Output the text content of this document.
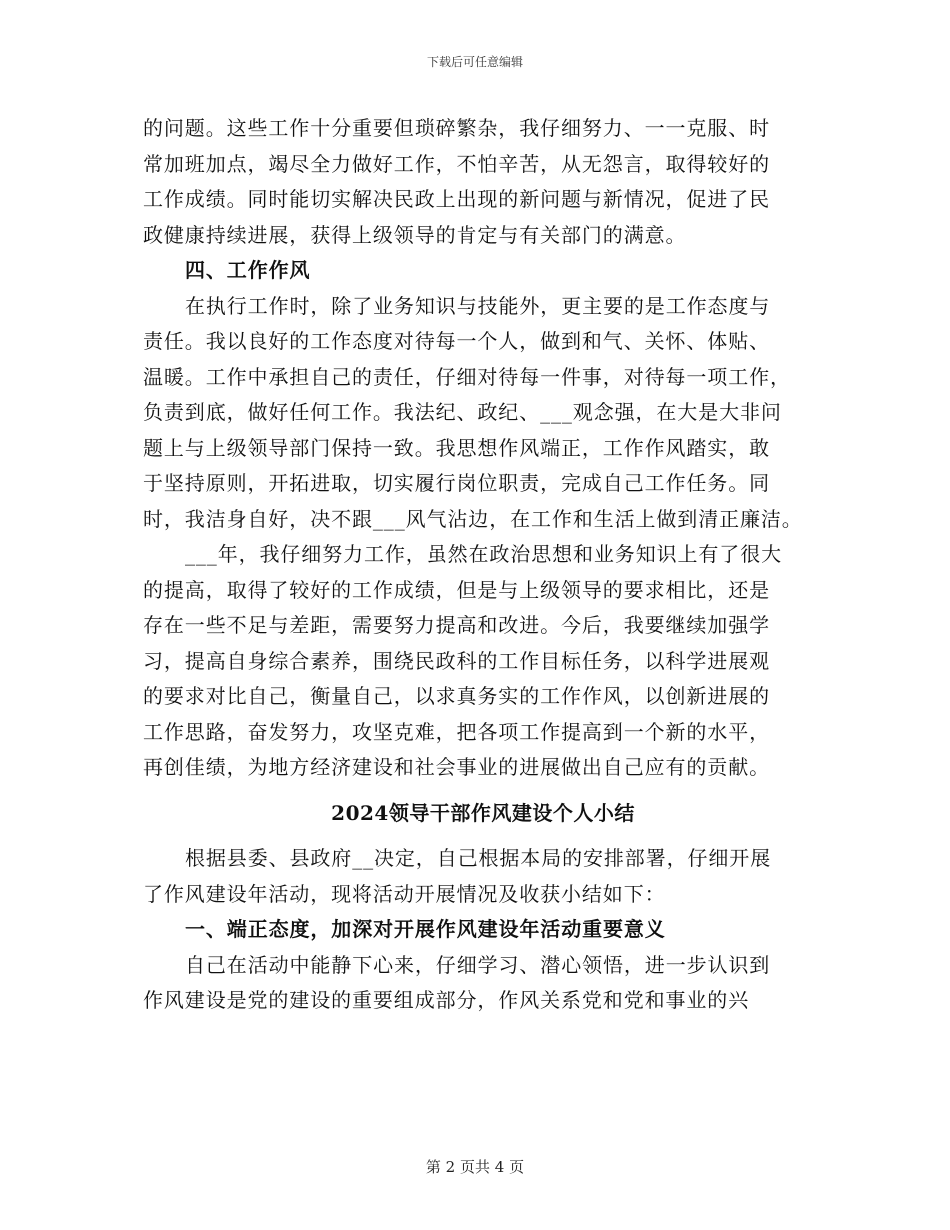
下载后可任意编辑
的问题。这些工作十分重要但琐碎繁杂，我仔细努力、一一克服、时
常加班加点，竭尽全力做好工作，不怕辛苦，从无怨言，取得较好的
工作成绩。同时能切实解决民政上出现的新问题与新情况，促进了民
政健康持续进展，获得上级领导的肯定与有关部门的满意。
四、工作作风
在执行工作时，除了业务知识与技能外，更主要的是工作态度与
责任。我以良好的工作态度对待每一个人，做到和气、关怀、体贴、
温暖。工作中承担自己的责任，仔细对待每一件事，对待每一项工作，
负责到底，做好任何工作。我法纪、政纪、___观念强，在大是大非问
题上与上级领导部门保持一致。我思想作风端正，工作作风踏实，敢
于坚持原则，开拓进取，切实履行岗位职责，完成自己工作任务。同
时，我洁身自好，决不跟___风气沾边，在工作和生活上做到清正廉洁。
___年，我仔细努力工作，虽然在政治思想和业务知识上有了很大
的提高，取得了较好的工作成绩，但是与上级领导的要求相比，还是
存在一些不足与差距，需要努力提高和改进。今后，我要继续加强学
习，提高自身综合素养，围绕民政科的工作目标任务，以科学进展观
的要求对比自己，衡量自己，以求真务实的工作作风，以创新进展的
工作思路，奋发努力，攻坚克难，把各项工作提高到一个新的水平，
再创佳绩，为地方经济建设和社会事业的进展做出自己应有的贡献。
2024领导干部作风建设个人小结
根据县委、县政府__决定，自己根据本局的安排部署，仔细开展
了作风建设年活动，现将活动开展情况及收获小结如下：
一、端正态度，加深对开展作风建设年活动重要意义
自己在活动中能静下心来，仔细学习、潜心领悟，进一步认识到
作风建设是党的建设的重要组成部分，作风关系党和党和事业的兴
第 2 页共 4 页
